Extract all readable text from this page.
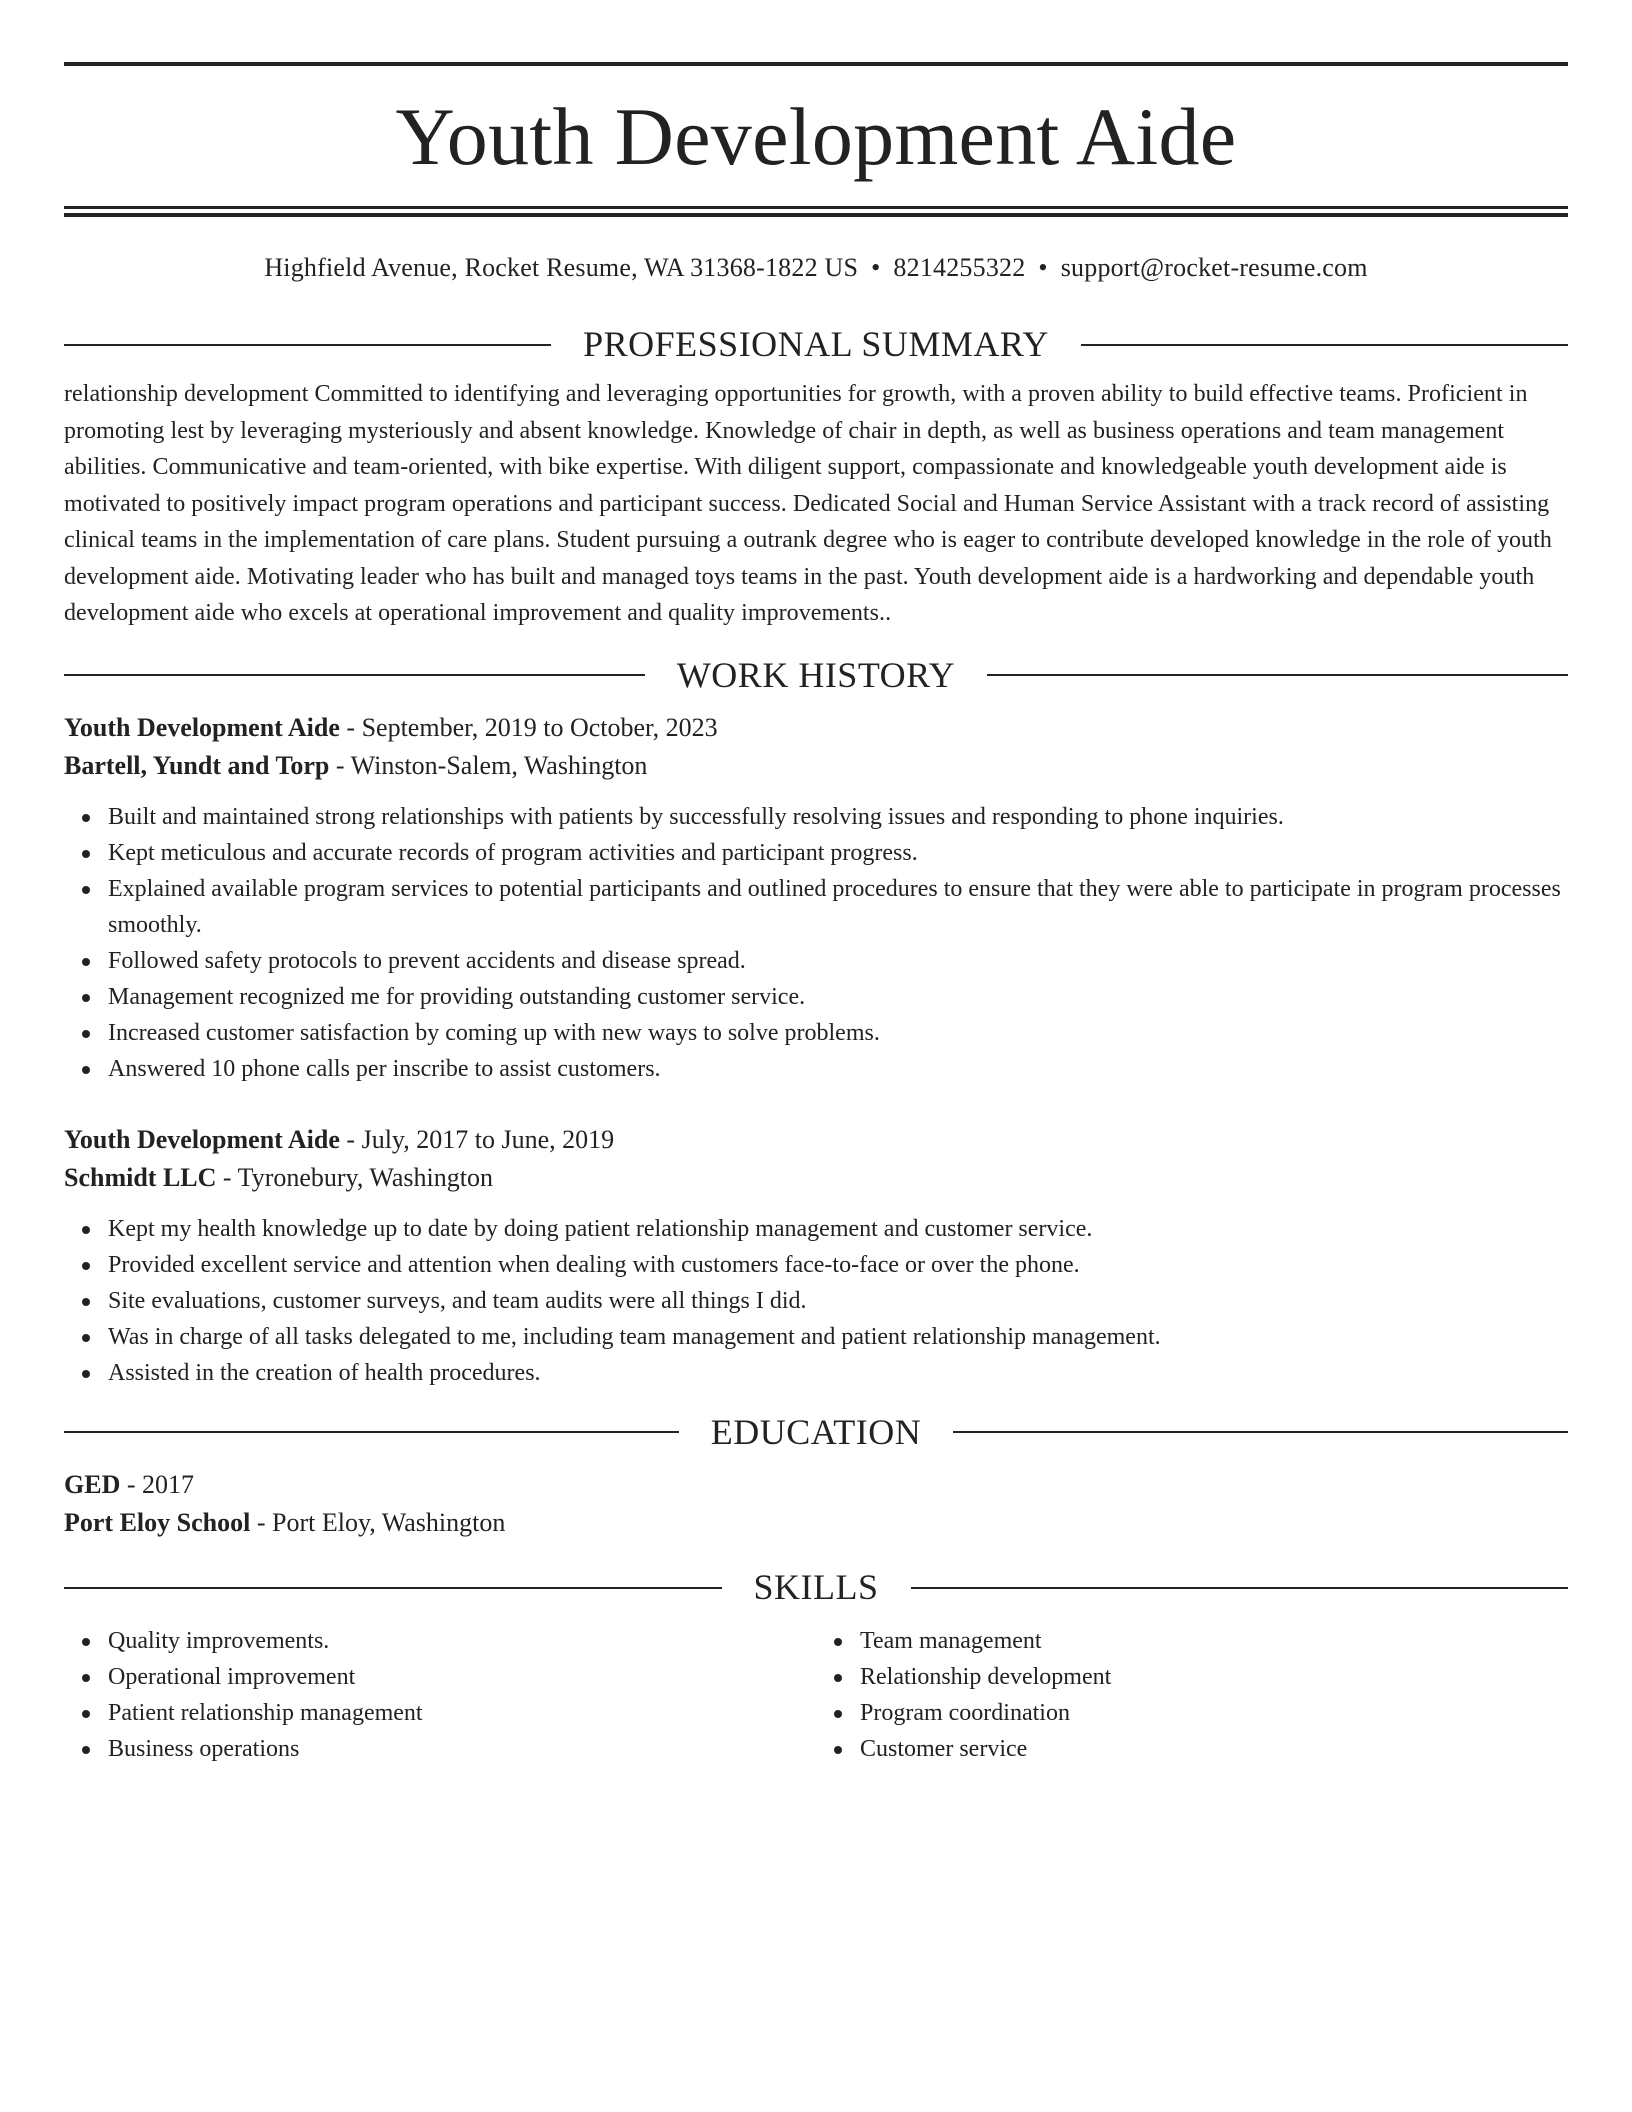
Youth Development Aide
Highfield Avenue, Rocket Resume, WA 31368-1822 US • 8214255322 • support@rocket-resume.com
PROFESSIONAL SUMMARY

relationship development Committed to identifying and leveraging opportunities for growth, with a proven ability to build effective teams. Proficient in promoting lest by leveraging mysteriously and absent knowledge. Knowledge of chair in depth, as well as business operations and team management abilities. Communicative and team-oriented, with bike expertise. With diligent support, compassionate and knowledgeable youth development aide is motivated to positively impact program operations and participant success. Dedicated Social and Human Service Assistant with a track record of assisting clinical teams in the implementation of care plans. Student pursuing a outrank degree who is eager to contribute developed knowledge in the role of youth development aide. Motivating leader who has built and managed toys teams in the past. Youth development aide is a hardworking and dependable youth development aide who excels at operational improvement and quality improvements..

WORK HISTORY
Youth Development Aide - September, 2019 to October, 2023
Bartell, Yundt and Torp - Winston-Salem, Washington
Built and maintained strong relationships with patients by successfully resolving issues and responding to phone inquiries.
Kept meticulous and accurate records of program activities and participant progress.
Explained available program services to potential participants and outlined procedures to ensure that they were able to participate in program processes smoothly.
Followed safety protocols to prevent accidents and disease spread.
Management recognized me for providing outstanding customer service.
Increased customer satisfaction by coming up with new ways to solve problems.
Answered 10 phone calls per inscribe to assist customers.
Youth Development Aide - July, 2017 to June, 2019
Schmidt LLC - Tyronebury, Washington
Kept my health knowledge up to date by doing patient relationship management and customer service.
Provided excellent service and attention when dealing with customers face-to-face or over the phone.
Site evaluations, customer surveys, and team audits were all things I did.
Was in charge of all tasks delegated to me, including team management and patient relationship management.
Assisted in the creation of health procedures.
EDUCATION
GED - 2017
Port Eloy School - Port Eloy, Washington
SKILLS
Quality improvements.
Operational improvement
Patient relationship management
Business operations
Team management
Relationship development
Program coordination
Customer service
